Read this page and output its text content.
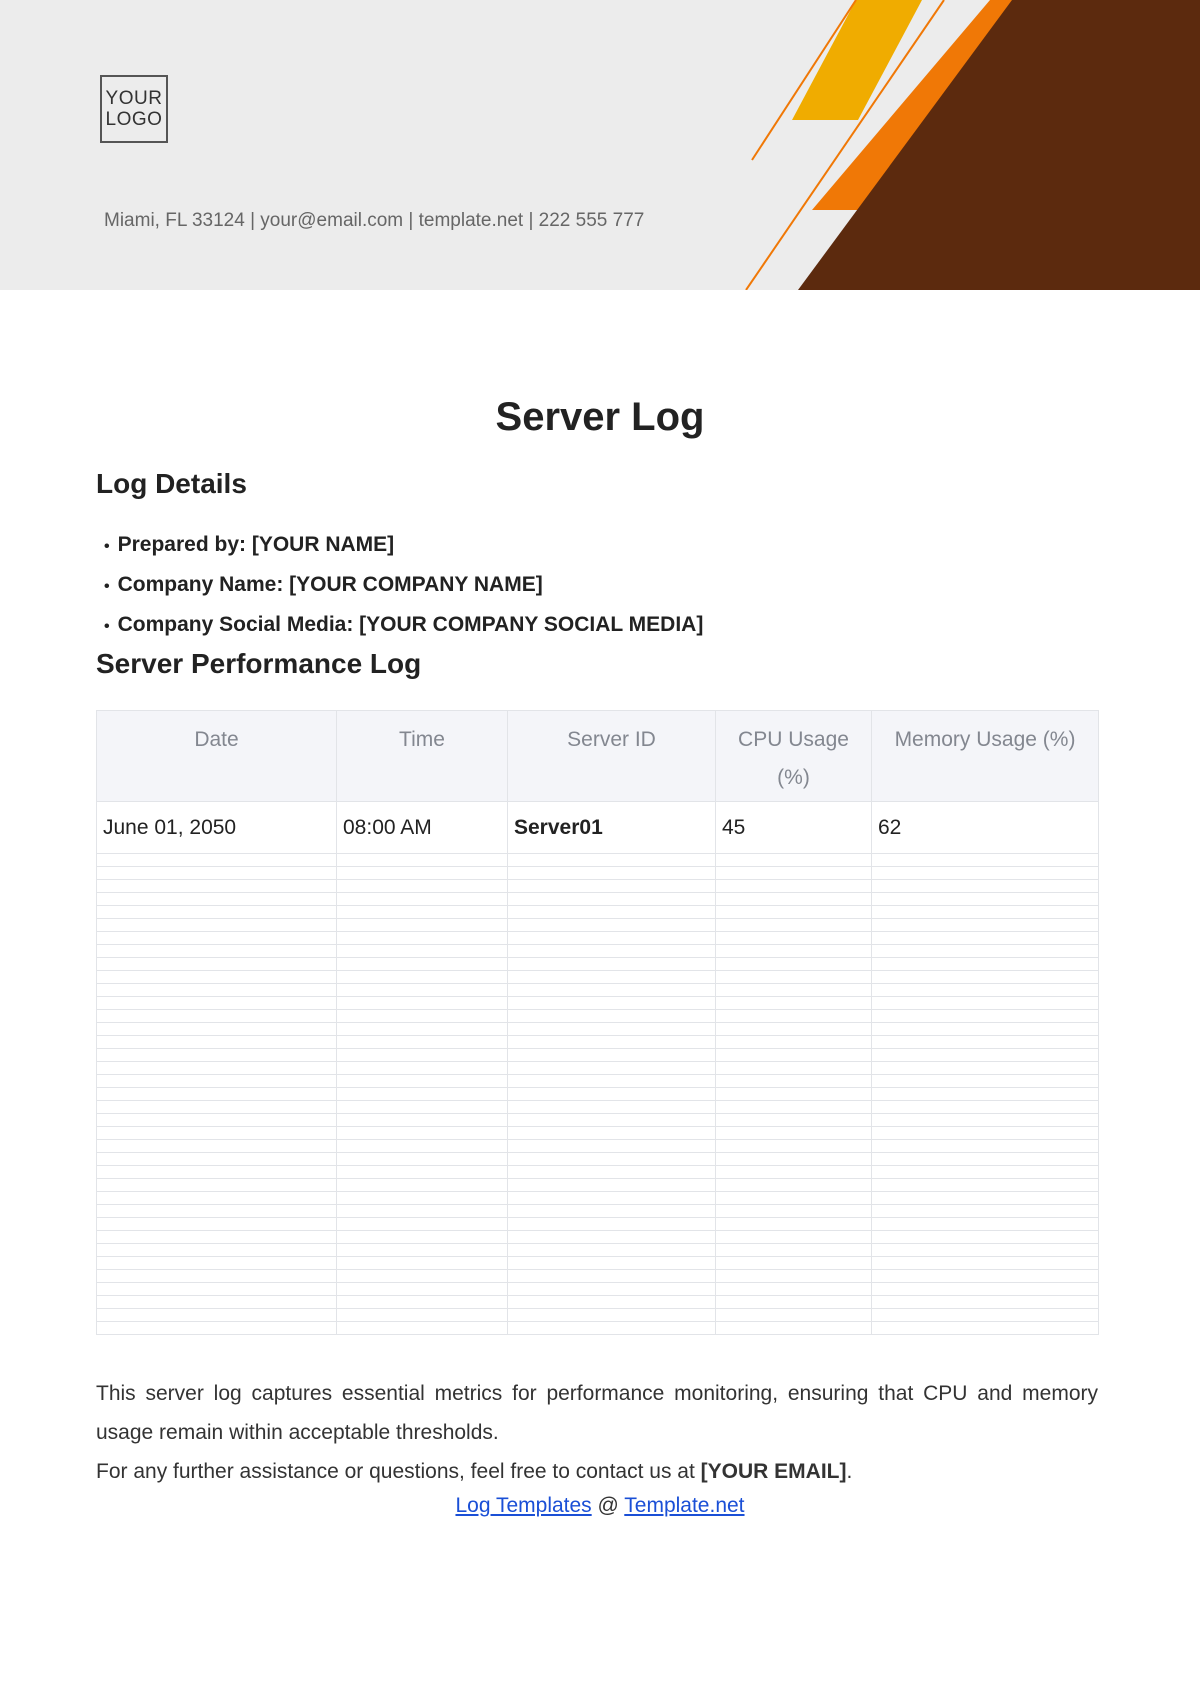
YOUR
LOGO
Miami, FL 33124 | your@email.com | template.net | 222 555 777
Server Log
Log Details
• Prepared by: [YOUR NAME]
• Company Name: [YOUR COMPANY NAME]
• Company Social Media: [YOUR COMPANY SOCIAL MEDIA]
Server Performance Log
Date	Time	Server ID	CPU Usage (%)	Memory Usage (%)
June 01, 2050	08:00 AM	Server01	45	62

This server log captures essential metrics for performance monitoring, ensuring that CPU and memory usage remain within acceptable thresholds.
For any further assistance or questions, feel free to contact us at [YOUR EMAIL].
Log Templates @ Template.net
